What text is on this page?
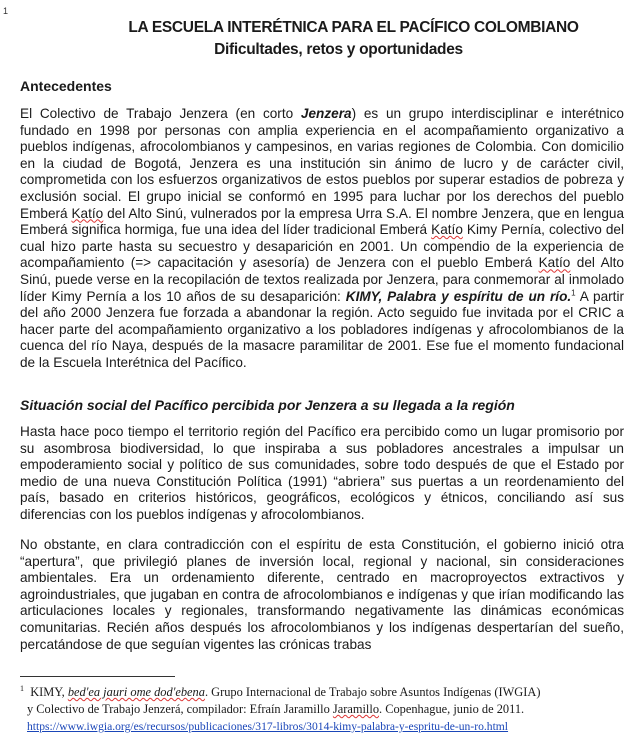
1
LA ESCUELA INTERÉTNICA PARA EL PACÍFICO COLOMBIANO
Dificultades, retos y oportunidades
Antecedentes
El Colectivo de Trabajo Jenzera (en corto Jenzera) es un grupo interdisciplinar e interétnico fundado en 1998 por personas con amplia experiencia en el acompañamiento organizativo a pueblos indígenas, afrocolombianos y campesinos, en varias regiones de Colombia. Con domicilio en la ciudad de Bogotá, Jenzera es una institución sin ánimo de lucro y de carácter civil, comprometida con los esfuerzos organizativos de estos pueblos por superar estadios de pobreza y exclusión social. El grupo inicial se conformó en 1995 para luchar por los derechos del pueblo Emberá Katío del Alto Sinú, vulnerados por la empresa Urra S.A. El nombre Jenzera, que en lengua Emberá significa hormiga, fue una idea del líder tradicional Emberá Katío Kimy Pernía, colectivo del cual hizo parte hasta su secuestro y desaparición en 2001. Un compendio de la experiencia de acompañamiento (=> capacitación y asesoría) de Jenzera con el pueblo Emberá Katío del Alto Sinú, puede verse en la recopilación de textos realizada por Jenzera, para conmemorar al inmolado líder Kimy Pernía a los 10 años de su desaparición: KIMY, Palabra y espíritu de un río.$^1$ A partir del año 2000 Jenzera fue forzada a abandonar la región. Acto seguido fue invitada por el CRIC a hacer parte del acompañamiento organizativo a los pobladores indígenas y afrocolombianos de la cuenca del río Naya, después de la masacre paramilitar de 2001. Ese fue el momento fundacional de la Escuela Interétnica del Pacífico.
Situación social del Pacífico percibida por Jenzera a su llegada a la región
Hasta hace poco tiempo el territorio región del Pacífico era percibido como un lugar promisorio por su asombrosa biodiversidad, lo que inspiraba a sus pobladores ancestrales a impulsar un empoderamiento social y político de sus comunidades, sobre todo después de que el Estado por medio de una nueva Constitución Política (1991) “abriera” sus puertas a un reordenamiento del país, basado en criterios históricos, geográficos, ecológicos y étnicos, conciliando así sus diferencias con los pueblos indígenas y afrocolombianos.
No obstante, en clara contradicción con el espíritu de esta Constitución, el gobierno inició otra “apertura”, que privilegió planes de inversión local, regional y nacional, sin consideraciones ambientales. Era un ordenamiento diferente, centrado en macroproyectos extractivos y agroindustriales, que jugaban en contra de afrocolombianos e indígenas y que irían modificando las articulaciones locales y regionales, transformando negativamente las dinámicas económicas comunitarias. Recién años después los afrocolombianos y los indígenas despertarían del sueño, percatándose de que seguían vigentes las crónicas trabas
$^1$ KIMY, bed'ea jauri ome dod'ebena. Grupo Internacional de Trabajo sobre Asuntos Indígenas (IWGIA)
y Colectivo de Trabajo Jenzerá, compilador: Efraín Jaramillo Jaramillo. Copenhague, junio de 2011.
https://www.iwgia.org/es/recursos/publicaciones/317-libros/3014-kimy-palabra-y-espritu-de-un-ro.html
